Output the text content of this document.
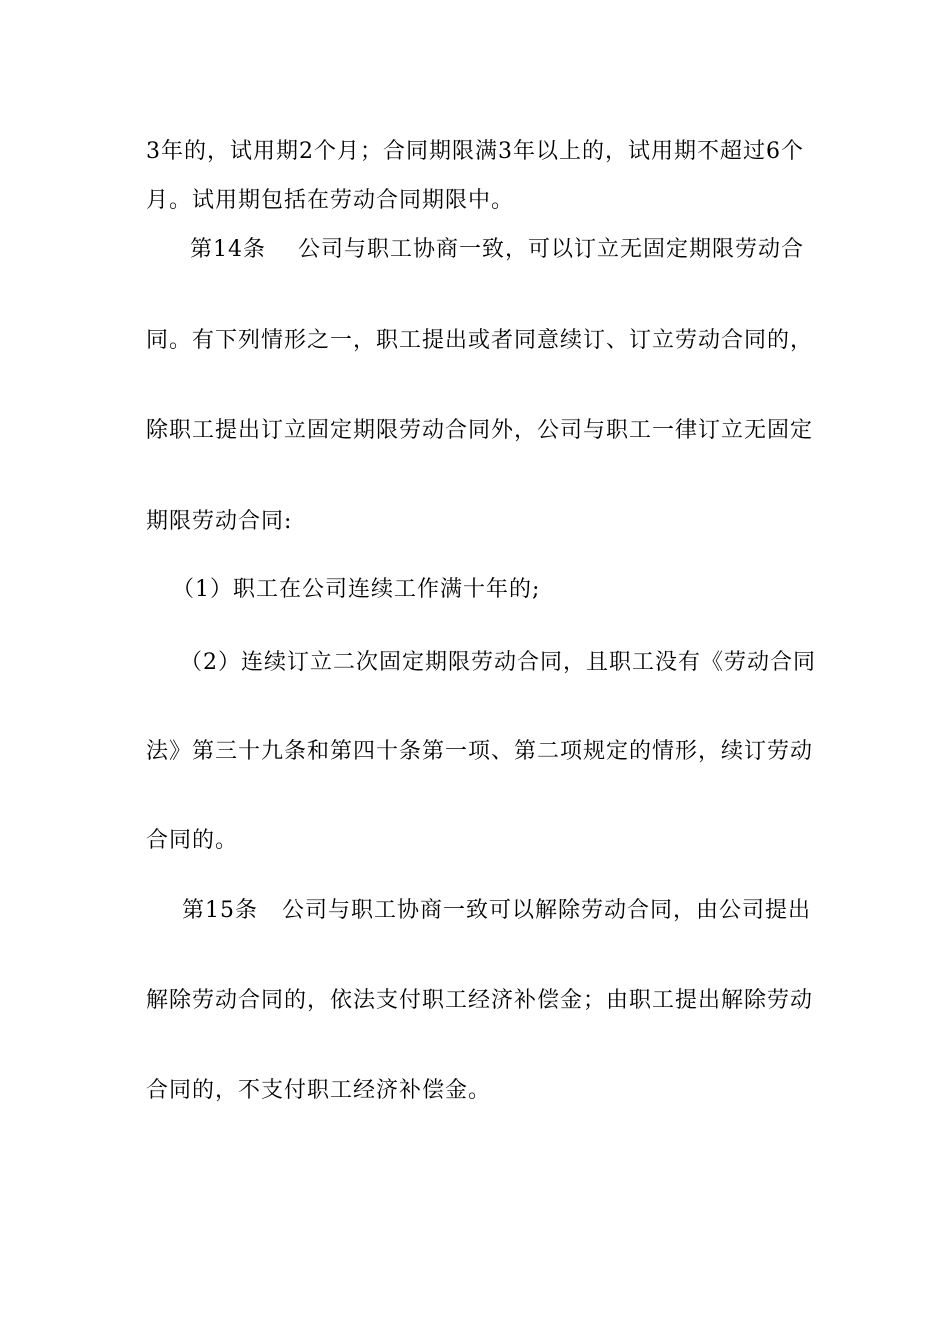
3年的，试用期2个月；合同期限满3年以上的，试用期不超过6个
月。试用期包括在劳动合同期限中。
第14条    公司与职工协商一致，可以订立无固定期限劳动合
同。有下列情形之一，职工提出或者同意续订、订立劳动合同的，
除职工提出订立固定期限劳动合同外，公司与职工一律订立无固定
期限劳动合同:
（1）职工在公司连续工作满十年的;
（2）连续订立二次固定期限劳动合同，且职工没有《劳动合同
法》第三十九条和第四十条第一项、第二项规定的情形，续订劳动
合同的。
第15条   公司与职工协商一致可以解除劳动合同，由公司提出
解除劳动合同的，依法支付职工经济补偿金；由职工提出解除劳动
合同的，不支付职工经济补偿金。
